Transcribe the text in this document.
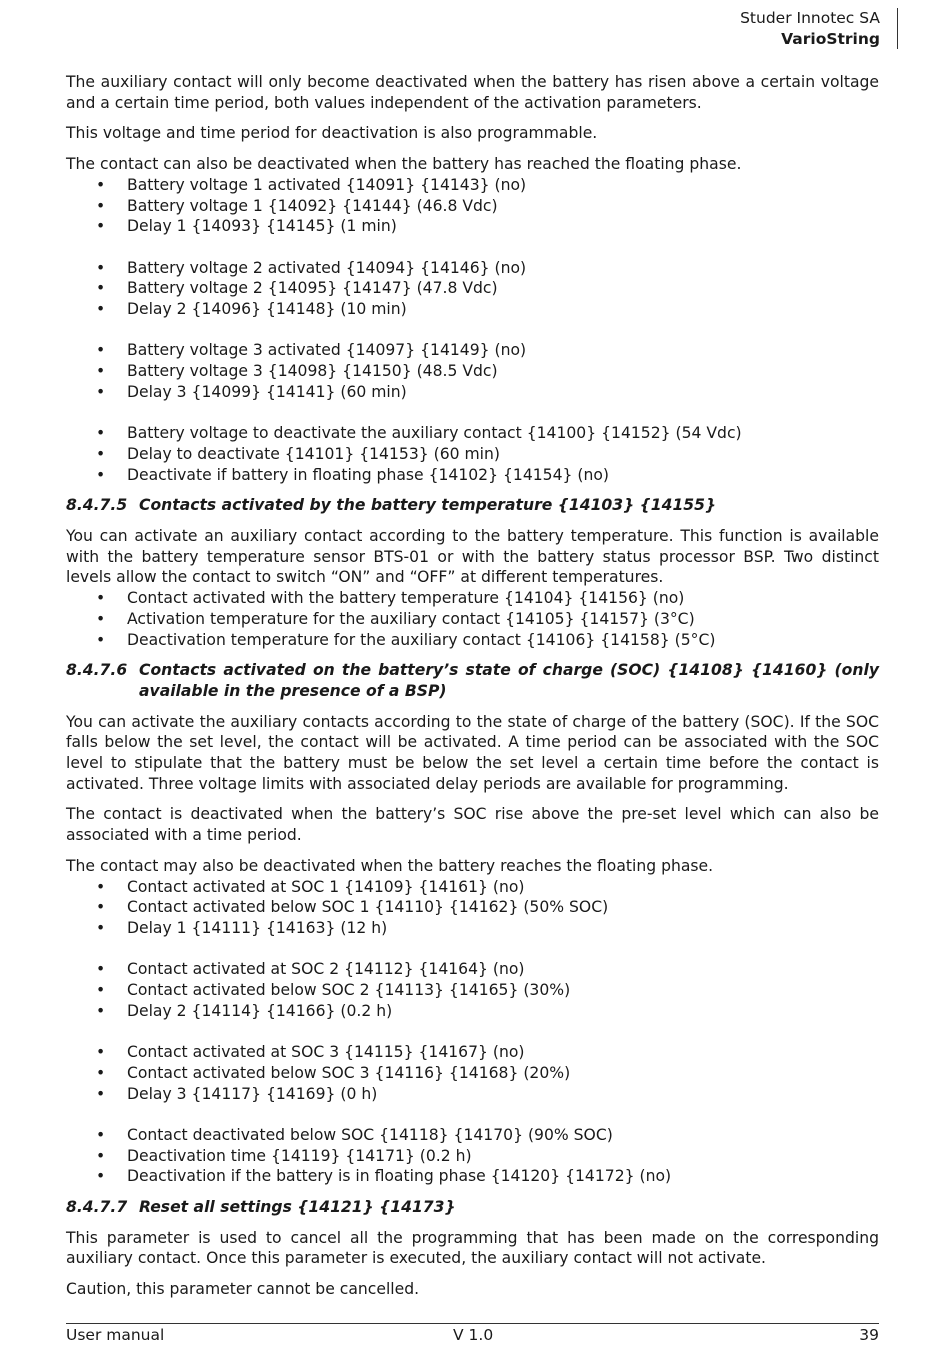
Studer Innotec SA
VarioString

The auxiliary contact will only become deactivated when the battery has risen above a certain voltage and a certain time period, both values independent of the activation parameters.

This voltage and time period for deactivation is also programmable.

The contact can also be deactivated when the battery has reached the floating phase.

• Battery voltage 1 activated {14091} {14143} (no)
• Battery voltage 1 {14092} {14144} (46.8 Vdc)
• Delay 1 {14093} {14145} (1 min)
• Battery voltage 2 activated {14094} {14146} (no)
• Battery voltage 2 {14095} {14147} (47.8 Vdc)
• Delay 2 {14096} {14148} (10 min)
• Battery voltage 3 activated {14097} {14149} (no)
• Battery voltage 3 {14098} {14150} (48.5 Vdc)
• Delay 3 {14099} {14141} (60 min)
• Battery voltage to deactivate the auxiliary contact {14100} {14152} (54 Vdc)
• Delay to deactivate {14101} {14153} (60 min)
• Deactivate if battery in floating phase {14102} {14154} (no)
8.4.7.5 Contacts activated by the battery temperature {14103} {14155}

You can activate an auxiliary contact according to the battery temperature. This function is available with the battery temperature sensor BTS-01 or with the battery status processor BSP. Two distinct levels allow the contact to switch “ON” and “OFF” at different temperatures.

• Contact activated with the battery temperature {14104} {14156} (no)
• Activation temperature for the auxiliary contact {14105} {14157} (3°C)
• Deactivation temperature for the auxiliary contact {14106} {14158} (5°C)
8.4.7.6 Contacts activated on the battery’s state of charge (SOC) {14108} {14160} (only available in the presence of a BSP)

You can activate the auxiliary contacts according to the state of charge of the battery (SOC). If the SOC falls below the set level, the contact will be activated. A time period can be associated with the SOC level to stipulate that the battery must be below the set level a certain time before the contact is activated. Three voltage limits with associated delay periods are available for programming.

The contact is deactivated when the battery’s SOC rise above the pre-set level which can also be associated with a time period.

The contact may also be deactivated when the battery reaches the floating phase.

• Contact activated at SOC 1 {14109} {14161} (no)
• Contact activated below SOC 1 {14110} {14162} (50% SOC)
• Delay 1 {14111} {14163} (12 h)
• Contact activated at SOC 2 {14112} {14164} (no)
• Contact activated below SOC 2 {14113} {14165} (30%)
• Delay 2 {14114} {14166} (0.2 h)
• Contact activated at SOC 3 {14115} {14167} (no)
• Contact activated below SOC 3 {14116} {14168} (20%)
• Delay 3 {14117} {14169} (0 h)
• Contact deactivated below SOC {14118} {14170} (90% SOC)
• Deactivation time {14119} {14171} (0.2 h)
• Deactivation if the battery is in floating phase {14120} {14172} (no)
8.4.7.7 Reset all settings {14121} {14173}

This parameter is used to cancel all the programming that has been made on the corresponding auxiliary contact. Once this parameter is executed, the auxiliary contact will not activate.

Caution, this parameter cannot be cancelled.

User manual	V 1.0	39
